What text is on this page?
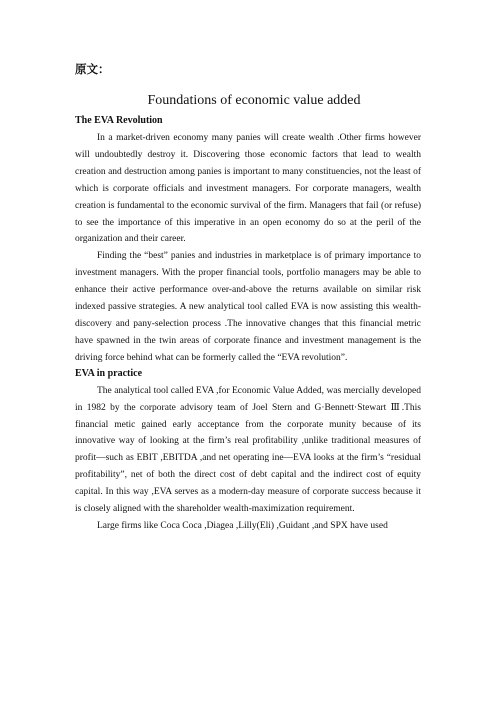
原文：
Foundations of economic value added
The EVA Revolution

In a market-driven economy many panies will create wealth .Other firms however will undoubtedly destroy it. Discovering those economic factors that lead to wealth creation and destruction among panies is important to many constituencies, not the least of which is corporate officials and investment managers. For corporate managers, wealth creation is fundamental to the economic survival of the firm. Managers that fail (or refuse) to see the importance of this imperative in an open economy do so at the peril of the organization and their career.

Finding the “best” panies and industries in marketplace is of primary importance to investment managers. With the proper financial tools, portfolio managers may be able to enhance their active performance over-and-above the returns available on similar risk indexed passive strategies. A new analytical tool called EVA is now assisting this wealth-discovery and pany-selection process .The innovative changes that this financial metric have spawned in the twin areas of corporate finance and investment management is the driving force behind what can be formerly called the “EVA revolution”.

EVA in practice

The analytical tool called EVA ,for Economic Value Added, was mercially developed in 1982 by the corporate advisory team of Joel Stern and G·Bennett·Stewart Ⅲ.This financial metic gained early acceptance from the corporate munity because of its innovative way of looking at the firm’s real profitability ,unlike traditional measures of profit—such as EBIT ,EBITDA ,and net operating ine—EVA looks at the firm’s “residual profitability”, net of both the direct cost of debt capital and the indirect cost of equity capital. In this way ,EVA serves as a modern-day measure of corporate success because it is closely aligned with the shareholder wealth-maximization requirement.

Large firms like Coca Coca ,Diagea ,Lilly(Eli) ,Guidant ,and SPX have used
